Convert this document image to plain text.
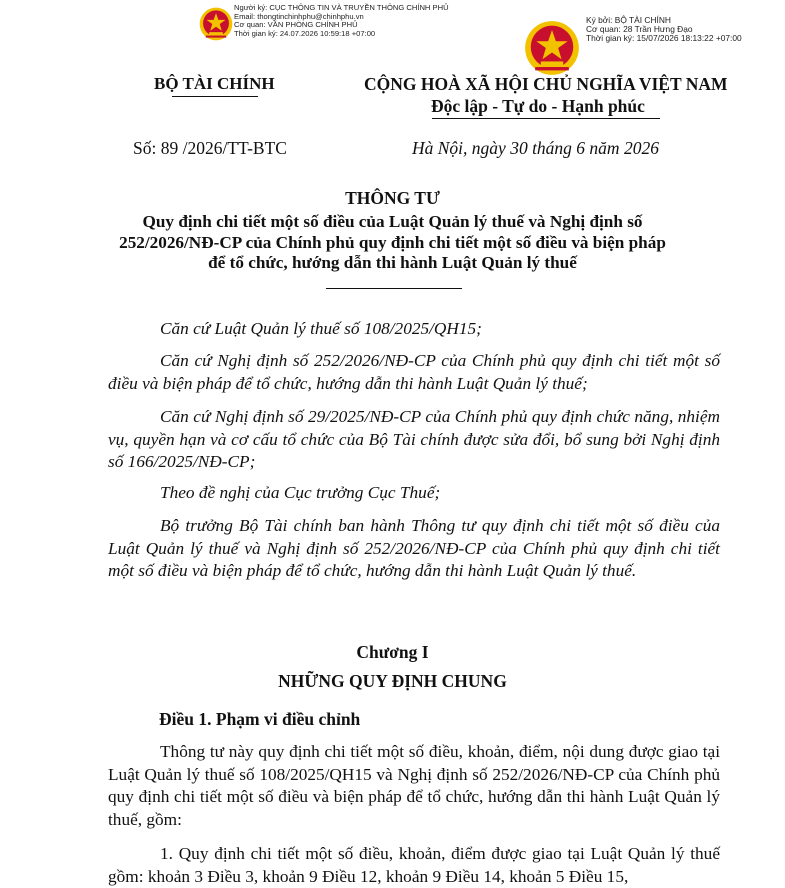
Người ký: CỤC THÔNG TIN VÀ TRUYỀN THÔNG CHÍNH PHỦ
Email: thongtinchinhphu@chinhphu.vn
Cơ quan: VĂN PHÒNG CHÍNH PHỦ
Thời gian ký: 24.07.2026 10:59:18 +07:00
Ký bởi: BỘ TÀI CHÍNH
Cơ quan: 28 Trần Hưng Đạo
Thời gian ký: 15/07/2026 18:13:22 +07:00
BỘ TÀI CHÍNH	CỘNG HOÀ XÃ HỘI CHỦ NGHĨA VIỆT NAM
Độc lập - Tự do - Hạnh phúc
Số: 89 /2026/TT-BTC	Hà Nội, ngày 30 tháng 6 năm 2026
THÔNG TƯ
Quy định chi tiết một số điều của Luật Quản lý thuế và Nghị định số
252/2026/NĐ-CP của Chính phủ quy định chi tiết một số điều và biện pháp
để tổ chức, hướng dẫn thi hành Luật Quản lý thuế
Căn cứ Luật Quản lý thuế số 108/2025/QH15;
Căn cứ Nghị định số 252/2026/NĐ-CP của Chính phủ quy định chi tiết một số điều và biện pháp để tổ chức, hướng dẫn thi hành Luật Quản lý thuế;
Căn cứ Nghị định số 29/2025/NĐ-CP của Chính phủ quy định chức năng, nhiệm vụ, quyền hạn và cơ cấu tổ chức của Bộ Tài chính được sửa đổi, bổ sung bởi Nghị định số 166/2025/NĐ-CP;
Theo đề nghị của Cục trưởng Cục Thuế;
Bộ trưởng Bộ Tài chính ban hành Thông tư quy định chi tiết một số điều của Luật Quản lý thuế và Nghị định số 252/2026/NĐ-CP của Chính phủ quy định chi tiết một số điều và biện pháp để tổ chức, hướng dẫn thi hành Luật Quản lý thuế.
Chương I
NHỮNG QUY ĐỊNH CHUNG
Điều 1. Phạm vi điều chỉnh
Thông tư này quy định chi tiết một số điều, khoản, điểm, nội dung được giao tại Luật Quản lý thuế số 108/2025/QH15 và Nghị định số 252/2026/NĐ-CP của Chính phủ quy định chi tiết một số điều và biện pháp để tổ chức, hướng dẫn thi hành Luật Quản lý thuế, gồm:
1. Quy định chi tiết một số điều, khoản, điểm được giao tại Luật Quản lý thuế gồm: khoản 3 Điều 3, khoản 9 Điều 12, khoản 9 Điều 14, khoản 5 Điều 15,
